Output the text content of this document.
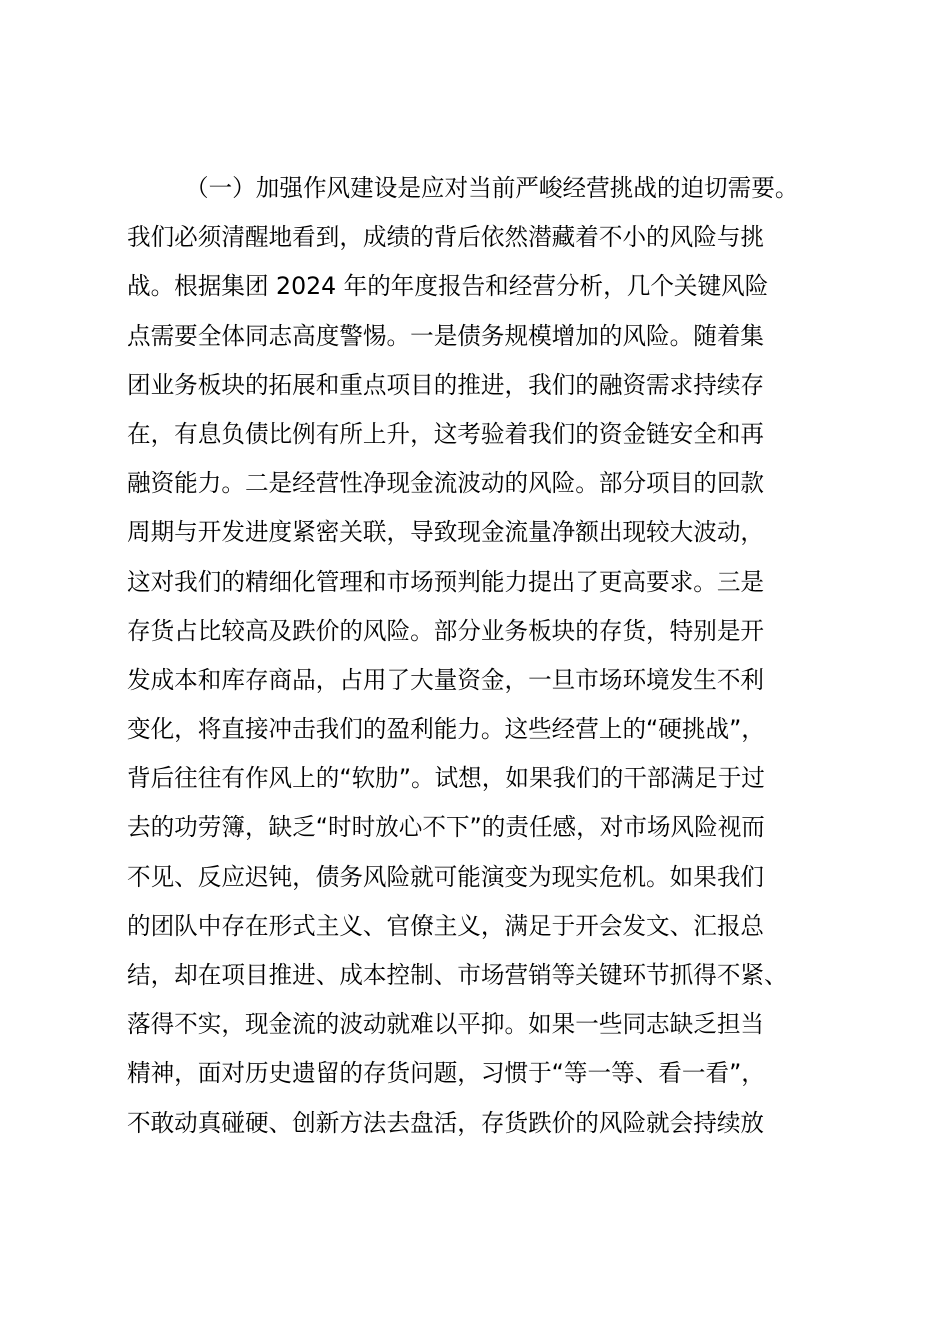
（一）加强作风建设是应对当前严峻经营挑战的迫切需要。
我们必须清醒地看到，成绩的背后依然潜藏着不小的风险与挑
战。根据集团 2024 年的年度报告和经营分析，几个关键风险
点需要全体同志高度警惕。一是债务规模增加的风险。随着集
团业务板块的拓展和重点项目的推进，我们的融资需求持续存
在，有息负债比例有所上升，这考验着我们的资金链安全和再
融资能力。二是经营性净现金流波动的风险。部分项目的回款
周期与开发进度紧密关联，导致现金流量净额出现较大波动，
这对我们的精细化管理和市场预判能力提出了更高要求。三是
存货占比较高及跌价的风险。部分业务板块的存货，特别是开
发成本和库存商品，占用了大量资金，一旦市场环境发生不利
变化，将直接冲击我们的盈利能力。这些经营上的“硬挑战”，
背后往往有作风上的“软肋”。试想，如果我们的干部满足于过
去的功劳簿，缺乏“时时放心不下”的责任感，对市场风险视而
不见、反应迟钝，债务风险就可能演变为现实危机。如果我们
的团队中存在形式主义、官僚主义，满足于开会发文、汇报总
结，却在项目推进、成本控制、市场营销等关键环节抓得不紧、
落得不实，现金流的波动就难以平抑。如果一些同志缺乏担当
精神，面对历史遗留的存货问题，习惯于“等一等、看一看”，
不敢动真碰硬、创新方法去盘活，存货跌价的风险就会持续放
